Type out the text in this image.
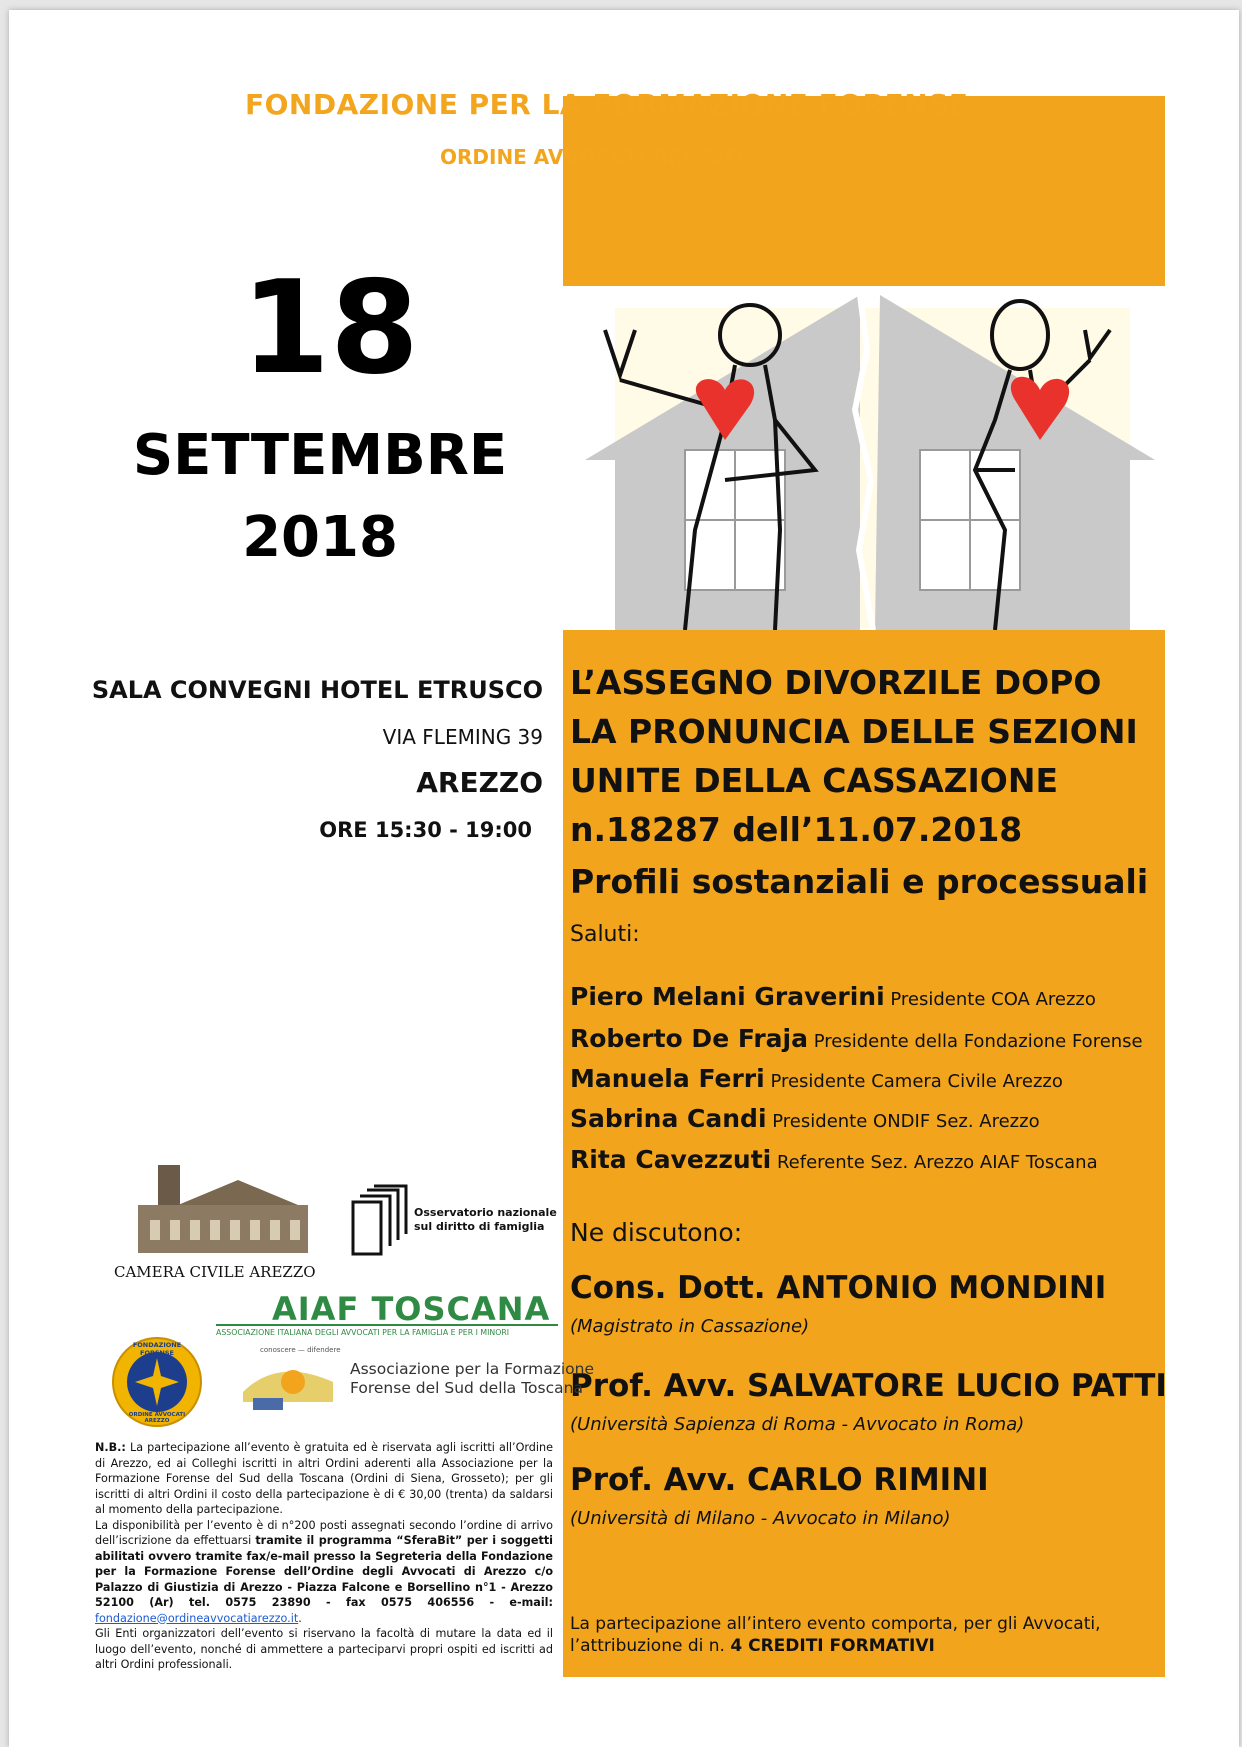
FONDAZIONE PER LA FORMAZIONE FORENSE
ORDINE AVVOCATI AREZZO
18
SETTEMBRE
2018
SALA CONVEGNI HOTEL ETRUSCO
VIA FLEMING 39
AREZZO
ORE 15:30 - 19:00
L’ASSEGNO DIVORZILE DOPO
LA PRONUNCIA DELLE SEZIONI
UNITE DELLA CASSAZIONE
n.18287 dell’11.07.2018
Profili sostanziali e processuali
Saluti:
Piero Melani Graverini Presidente COA Arezzo
Roberto De Fraja Presidente della Fondazione Forense
Manuela Ferri Presidente Camera Civile Arezzo
Sabrina Candi Presidente ONDIF Sez. Arezzo
Rita Cavezzuti Referente Sez. Arezzo AIAF Toscana
Ne discutono:
Cons. Dott. ANTONIO MONDINI
(Magistrato in Cassazione)
Prof. Avv. SALVATORE LUCIO PATTI
(Università Sapienza di Roma - Avvocato in Roma)
Prof. Avv. CARLO RIMINI
(Università di Milano - Avvocato in Milano)
La partecipazione all’intero evento comporta, per gli Avvocati,
l’attribuzione di n. 4 CREDITI FORMATIVI
CAMERA CIVILE AREZZO
Osservatorio nazionale
sul diritto di famiglia
AIAF TOSCANA
ASSOCIAZIONE ITALIANA DEGLI AVVOCATI PER LA FAMIGLIA E PER I MINORI
FONDAZIONE FORENSE
ORDINE AVVOCATI AREZZO
conoscere — difendere
Associazione per la Formazione
Forense del Sud della Toscana
N.B.: La partecipazione all’evento è gratuita ed è riservata agli iscritti all’Ordine di Arezzo, ed ai Colleghi iscritti in altri Ordini aderenti alla Associazione per la Formazione Forense del Sud della Toscana (Ordini di Siena, Grosseto); per gli iscritti di altri Ordini il costo della partecipazione è di € 30,00 (trenta) da saldarsi al momento della partecipazione.
La disponibilità per l’evento è di n°200 posti assegnati secondo l’ordine di arrivo dell’iscrizione da effettuarsi tramite il programma “SferaBit” per i soggetti abilitati ovvero tramite fax/e-mail presso la Segreteria della Fondazione per la Formazione Forense dell’Ordine degli Avvocati di Arezzo c/o Palazzo di Giustizia di Arezzo - Piazza Falcone e Borsellino n°1 - Arezzo 52100 (Ar) tel. 0575 23890 - fax 0575 406556 - e-mail: fondazione@ordineavvocatiarezzo.it.
Gli Enti organizzatori dell’evento si riservano la facoltà di mutare la data ed il luogo dell’evento, nonché di ammettere a parteciparvi propri ospiti ed iscritti ad altri Ordini professionali.
